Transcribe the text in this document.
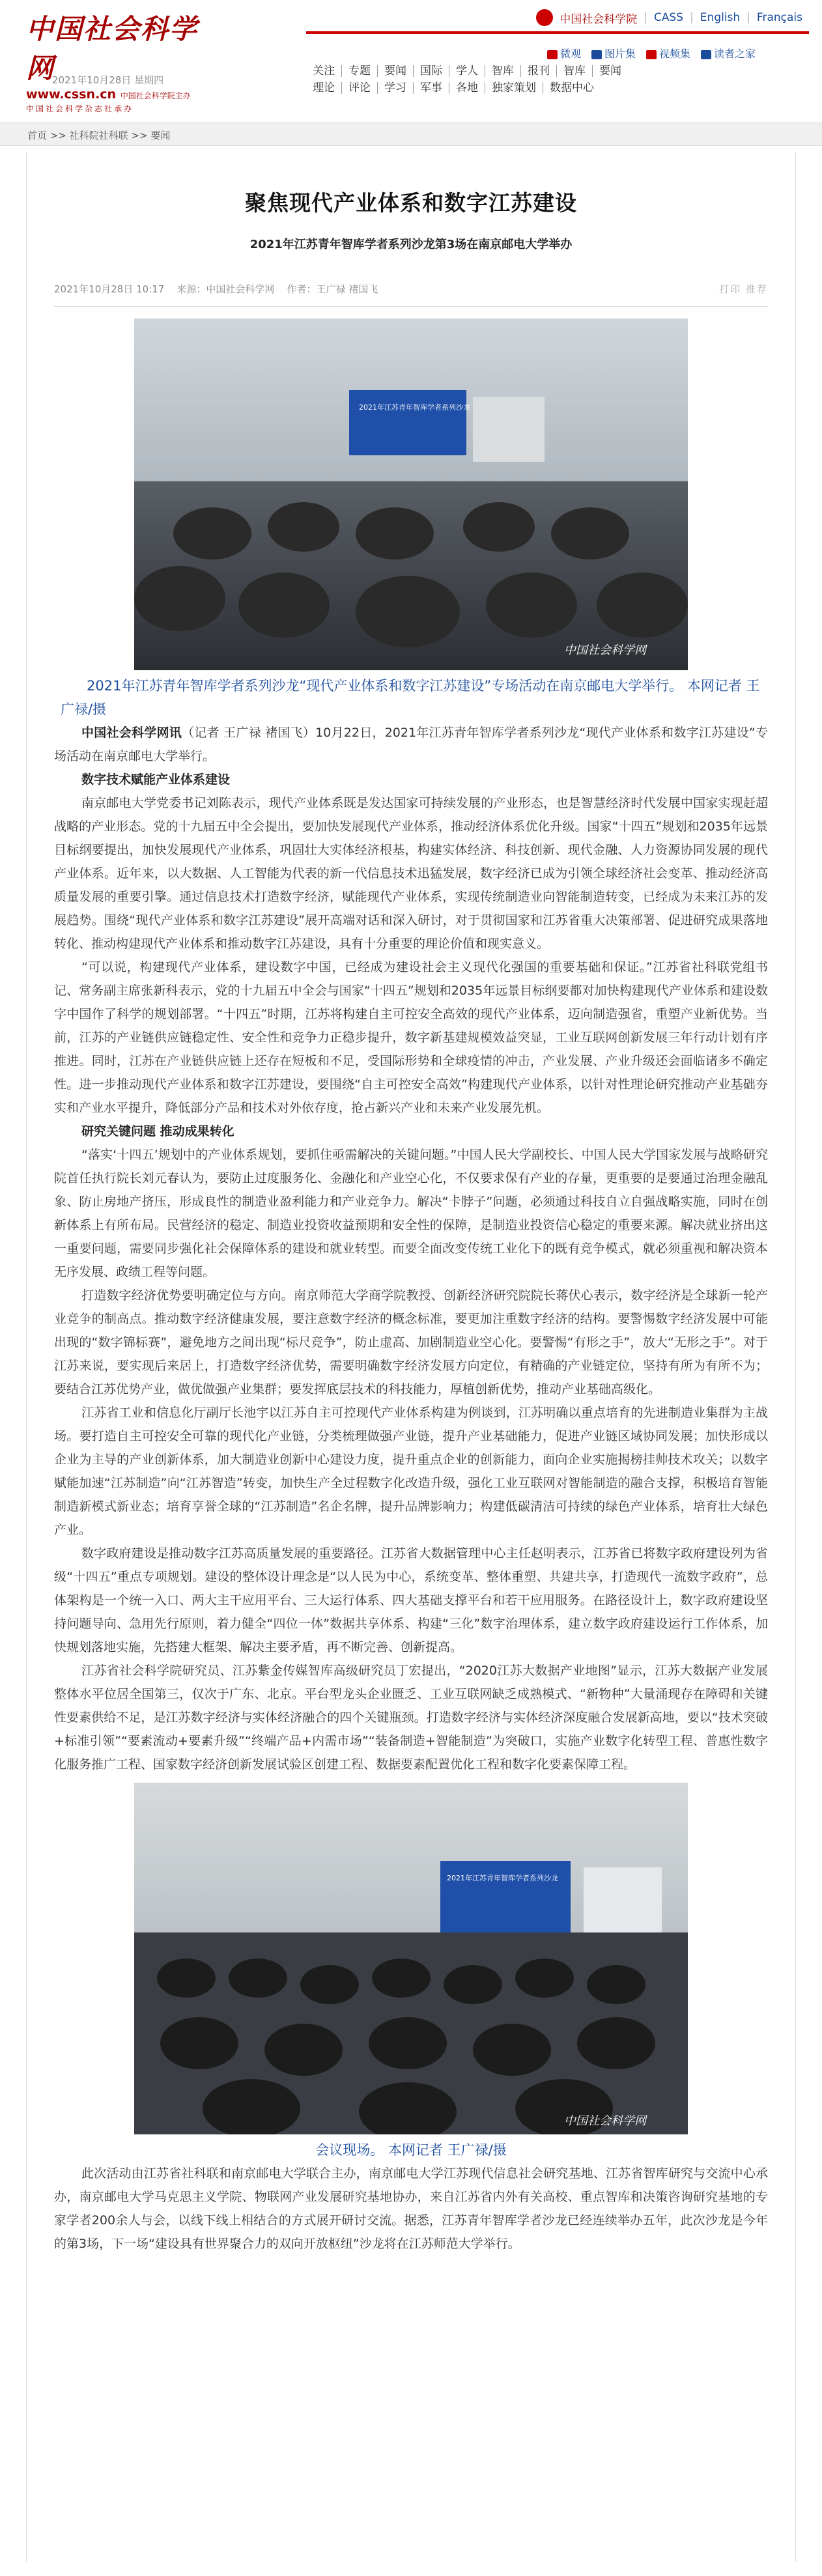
中国社会科学网
www.cssn.cn 中国社会科学院主办
中国社会科学杂志社承办
2021年10月28日 星期四
中国社会科学院 | CASS | English | Français
微观	图片集	视频集	读者之家
关注	专题	要闻	国际	学人	智库	报刊	智库	要闻
理论	评论	学习	军事	各地	独家策划	数据中心
首页 >> 社科院社科联 >> 要闻
聚焦现代产业体系和数字江苏建设
2021年江苏青年智库学者系列沙龙第3场在南京邮电大学举办
2021年10月28日 10:17 来源：中国社会科学网 作者：王广禄 褚国飞	打印 推荐
2021年江苏青年智库学者系列沙龙
中国社会科学网
2021年江苏青年智库学者系列沙龙“现代产业体系和数字江苏建设”专场活动在南京邮电大学举行。 本网记者 王广禄/摄

中国社会科学网讯（记者 王广禄 褚国飞）10月22日，2021年江苏青年智库学者系列沙龙“现代产业体系和数字江苏建设”专场活动在南京邮电大学举行。

数字技术赋能产业体系建设

南京邮电大学党委书记刘陈表示，现代产业体系既是发达国家可持续发展的产业形态，也是智慧经济时代发展中国家实现赶超战略的产业形态。党的十九届五中全会提出，要加快发展现代产业体系，推动经济体系优化升级。国家“十四五”规划和2035年远景目标纲要提出，加快发展现代产业体系，巩固壮大实体经济根基，构建实体经济、科技创新、现代金融、人力资源协同发展的现代产业体系。近年来，以大数据、人工智能为代表的新一代信息技术迅猛发展，数字经济已成为引领全球经济社会变革、推动经济高质量发展的重要引擎。通过信息技术打造数字经济，赋能现代产业体系，实现传统制造业向智能制造转变，已经成为未来江苏的发展趋势。围绕“现代产业体系和数字江苏建设”展开高端对话和深入研讨，对于贯彻国家和江苏省重大决策部署、促进研究成果落地转化、推动构建现代产业体系和推动数字江苏建设，具有十分重要的理论价值和现实意义。

“可以说，构建现代产业体系，建设数字中国，已经成为建设社会主义现代化强国的重要基础和保证。”江苏省社科联党组书记、常务副主席张新科表示，党的十九届五中全会与国家“十四五”规划和2035年远景目标纲要都对加快构建现代产业体系和建设数字中国作了科学的规划部署。“十四五”时期，江苏将构建自主可控安全高效的现代产业体系，迈向制造强省，重塑产业新优势。当前，江苏的产业链供应链稳定性、安全性和竞争力正稳步提升，数字新基建规模效益突显，工业互联网创新发展三年行动计划有序推进。同时，江苏在产业链供应链上还存在短板和不足，受国际形势和全球疫情的冲击，产业发展、产业升级还会面临诸多不确定性。进一步推动现代产业体系和数字江苏建设，要围绕“自主可控安全高效”构建现代产业体系，以针对性理论研究推动产业基础夯实和产业水平提升，降低部分产品和技术对外依存度，抢占新兴产业和未来产业发展先机。

研究关键问题 推动成果转化

“落实‘十四五’规划中的产业体系规划，要抓住亟需解决的关键问题。”中国人民大学副校长、中国人民大学国家发展与战略研究院首任执行院长刘元春认为，要防止过度服务化、金融化和产业空心化，不仅要求保有产业的存量，更重要的是要通过治理金融乱象、防止房地产挤压，形成良性的制造业盈利能力和产业竞争力。解决“卡脖子”问题，必须通过科技自立自强战略实施，同时在创新体系上有所布局。民营经济的稳定、制造业投资收益预期和安全性的保障，是制造业投资信心稳定的重要来源。解决就业挤出这一重要问题，需要同步强化社会保障体系的建设和就业转型。而要全面改变传统工业化下的既有竞争模式，就必须重视和解决资本无序发展、政绩工程等问题。

打造数字经济优势要明确定位与方向。南京师范大学商学院教授、创新经济研究院院长蒋伏心表示，数字经济是全球新一轮产业竞争的制高点。推动数字经济健康发展，要注意数字经济的概念标准，要更加注重数字经济的结构。要警惕数字经济发展中可能出现的“数字锦标赛”，避免地方之间出现“标尺竞争”，防止虚高、加剧制造业空心化。要警惕“有形之手”，放大“无形之手”。对于江苏来说，要实现后来居上，打造数字经济优势，需要明确数字经济发展方向定位，有精确的产业链定位，坚持有所为有所不为；要结合江苏优势产业，做优做强产业集群；要发挥底层技术的科技能力，厚植创新优势，推动产业基础高级化。

江苏省工业和信息化厅副厅长池宇以江苏自主可控现代产业体系构建为例谈到，江苏明确以重点培育的先进制造业集群为主战场。要打造自主可控安全可靠的现代化产业链，分类梳理做强产业链，提升产业基础能力，促进产业链区域协同发展；加快形成以企业为主导的产业创新体系，加大制造业创新中心建设力度，提升重点企业的创新能力，面向企业实施揭榜挂帅技术攻关；以数字赋能加速“江苏制造”向“江苏智造”转变，加快生产全过程数字化改造升级，强化工业互联网对智能制造的融合支撑，积极培育智能制造新模式新业态；培育享誉全球的“江苏制造”名企名牌，提升品牌影响力；构建低碳清洁可持续的绿色产业体系，培育壮大绿色产业。

数字政府建设是推动数字江苏高质量发展的重要路径。江苏省大数据管理中心主任赵明表示，江苏省已将数字政府建设列为省级“十四五”重点专项规划。建设的整体设计理念是“以人民为中心，系统变革、整体重塑、共建共享，打造现代一流数字政府”，总体架构是一个统一入口、两大主干应用平台、三大运行体系、四大基础支撑平台和若干应用服务。在路径设计上，数字政府建设坚持问题导向、急用先行原则，着力健全“四位一体”数据共享体系、构建“三化”数字治理体系，建立数字政府建设运行工作体系，加快规划落地实施，先搭建大框架、解决主要矛盾，再不断完善、创新提高。

江苏省社会科学院研究员、江苏紫金传媒智库高级研究员丁宏提出，“2020江苏大数据产业地图”显示，江苏大数据产业发展整体水平位居全国第三，仅次于广东、北京。平台型龙头企业匮乏、工业互联网缺乏成熟模式、“新物种”大量涌现存在障碍和关键性要素供给不足，是江苏数字经济与实体经济融合的四个关键瓶颈。打造数字经济与实体经济深度融合发展新高地，要以“技术突破+标准引领”“要素流动+要素升级”“终端产品+内需市场”“装备制造+智能制造”为突破口，实施产业数字化转型工程、普惠性数字化服务推广工程、国家数字经济创新发展试验区创建工程、数据要素配置优化工程和数字化要素保障工程。

2021年江苏青年智库学者系列沙龙
中国社会科学网
会议现场。 本网记者 王广禄/摄

此次活动由江苏省社科联和南京邮电大学联合主办，南京邮电大学江苏现代信息社会研究基地、江苏省智库研究与交流中心承办，南京邮电大学马克思主义学院、物联网产业发展研究基地协办，来自江苏省内外有关高校、重点智库和决策咨询研究基地的专家学者200余人与会，以线下线上相结合的方式展开研讨交流。据悉，江苏青年智库学者沙龙已经连续举办五年，此次沙龙是今年的第3场，下一场“建设具有世界聚合力的双向开放枢纽”沙龙将在江苏师范大学举行。
